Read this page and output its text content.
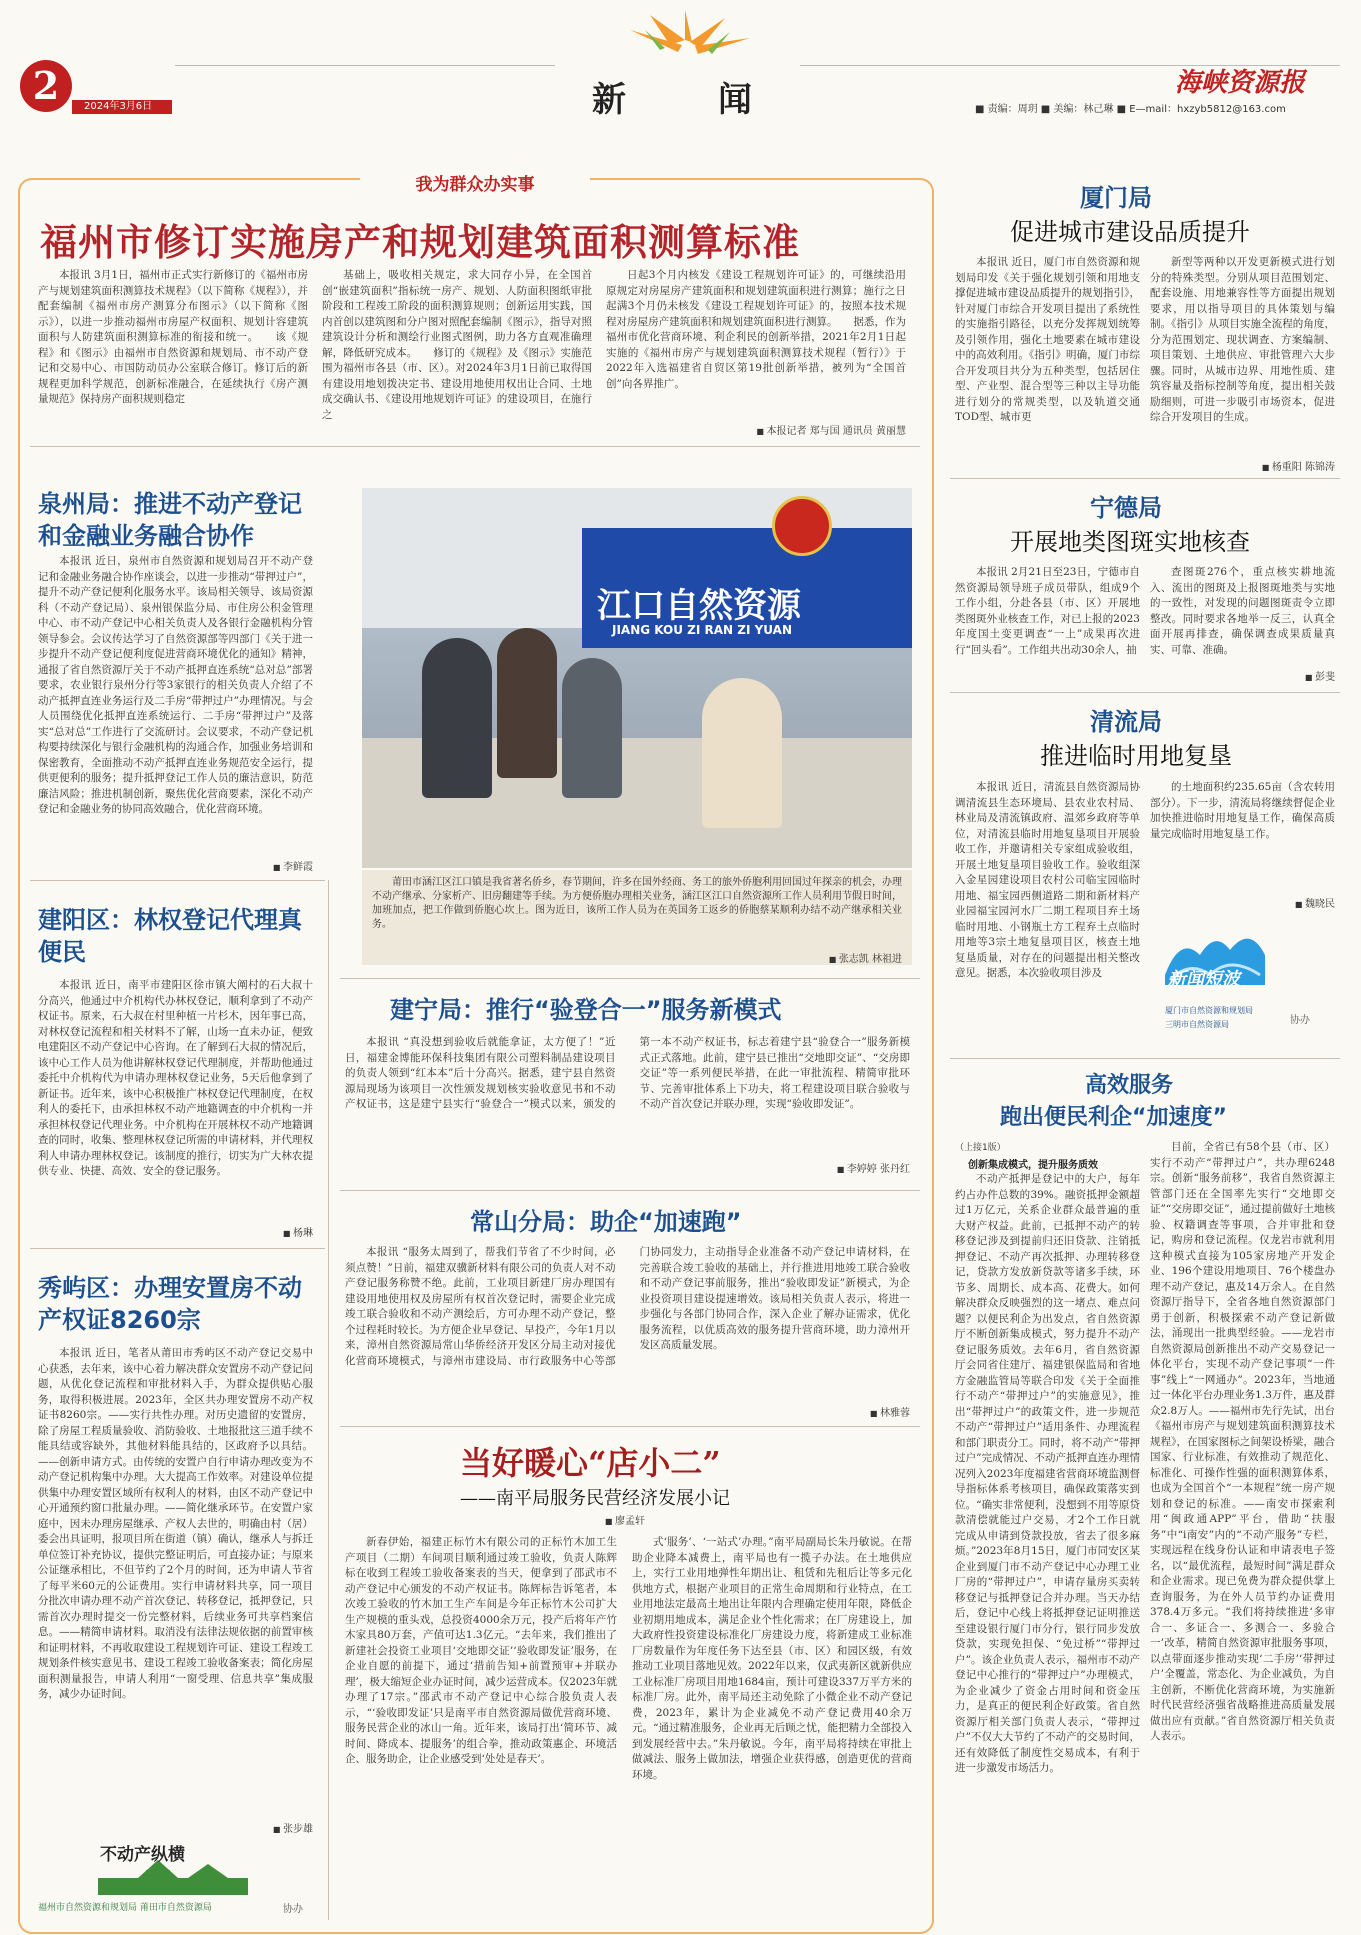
2	2024年3月6日	新	闻	海峡资源报
■ 责编：周玥 ■ 美编：林己琳 ■ E—mail：hxzyb5812@163.com
我为群众办实事
福州市修订实施房产和规划建筑面积测算标准

本报讯 3月1日，福州市正式实行新修订的《福州市房产与规划建筑面积测算技术规程》（以下简称《规程》），并配套编制《福州市房产测算分布图示》（以下简称《图示》），以进一步推动福州市房屋产权面积、规划计容建筑面积与人防建筑面积测算标准的衔接和统一。　　该《规程》和《图示》由福州市自然资源和规划局、市不动产登记和交易中心、市国防动员办公室联合修订。修订后的新规程更加科学规范，创新标准融合，在延续执行《房产测量规范》保持房产面积规则稳定

基础上，吸收相关规定，求大同存小异，在全国首创“嵌建筑面积”指标统一房产、规划、人防面积图纸审批阶段和工程竣工阶段的面积测算规则；创新运用实践，国内首创以建筑图和分户图对照配套编制《图示》，指导对照建筑设计分析和测绘行业图式图例，助力各方直观准确理解，降低研究成本。　　修订的《规程》及《图示》实施范围为福州市各县（市、区）。对2024年3月1日前已取得国有建设用地划拨决定书、建设用地使用权出让合同、土地成交确认书、《建设用地规划许可证》的建设项目，在施行之

日起3个月内核发《建设工程规划许可证》的，可继续沿用原规定对房屋房产建筑面积和规划建筑面积进行测算；施行之日起满3个月仍未核发《建设工程规划许可证》的，按照本技术规程对房屋房产建筑面积和规划建筑面积进行测算。　　据悉，作为福州市优化营商环境、利企利民的创新举措，2021年2月1日起实施的《福州市房产与规划建筑面积测算技术规程（暂行）》于2022年入选福建省自贸区第19批创新举措，被列为“全国首创”向各界推广。

■ 本报记者 郑与国 通讯员 黄丽慧
泉州局：推进不动产登记和金融业务融合协作

本报讯 近日，泉州市自然资源和规划局召开不动产登记和金融业务融合协作座谈会，以进一步推动“带押过户”，提升不动产登记便利化服务水平。该局相关领导、该局资源科（不动产登记局）、泉州银保监分局、市住房公积金管理中心、市不动产登记中心相关负责人及各银行金融机构分管领导参会。会议传达学习了自然资源部等四部门《关于进一步提升不动产登记便利度促进营商环境优化的通知》精神，通报了省自然资源厅关于不动产抵押直连系统“总对总”部署要求，农业银行泉州分行等3家银行的相关负责人介绍了不动产抵押直连业务运行及二手房“带押过户”办理情况。与会人员围绕优化抵押直连系统运行、二手房“带押过户”及落实“总对总”工作进行了交流研讨。会议要求，不动产登记机构要持续深化与银行金融机构的沟通合作，加强业务培训和保密教育，全面推动不动产抵押直连业务规范安全运行，提供更便利的服务；提升抵押登记工作人员的廉洁意识，防范廉洁风险；推进机制创新，聚焦优化营商要素，深化不动产登记和金融业务的协同高效融合，优化营商环境。

■ 李鲜霞
江口自然资源
JIANG KOU ZI RAN ZI YUAN

莆田市涵江区江口镇是我省著名侨乡，春节期间，许多在国外经商、务工的旅外侨胞利用回国过年探亲的机会，办理不动产继承、分家析产、旧房翻建等手续。为方便侨胞办理相关业务，涵江区江口自然资源所工作人员利用节假日时间，加班加点，把工作做到侨胞心坎上。图为近日，该所工作人员为在英国务工返乡的侨胞蔡某顺利办结不动产继承相关业务。

■ 张志凯 林祖进
建阳区：林权登记代理真便民

本报讯 近日，南平市建阳区徐市镇大阐村的石大叔十分高兴，他通过中介机构代办林权登记，顺利拿到了不动产权证书。原来，石大叔在村里种植一片杉木，因年事已高，对林权登记流程和相关材料不了解，山场一直未办证，便致电建阳区不动产登记中心咨询。在了解到石大叔的情况后，该中心工作人员为他讲解林权登记代理制度，并帮助他通过委托中介机构代为申请办理林权登记业务，5天后他拿到了新证书。近年来，该中心积极推广林权登记代理制度，在权利人的委托下，由承担林权不动产地籍调查的中介机构一并承担林权登记代理业务。中介机构在开展林权不动产地籍调查的同时，收集、整理林权登记所需的申请材料，并代理权利人申请办理林权登记。该制度的推行，切实为广大林农提供专业、快捷、高效、安全的登记服务。

■ 杨琳
秀屿区：办理安置房不动产权证8260宗

本报讯 近日，笔者从莆田市秀屿区不动产登记交易中心获悉，去年来，该中心着力解决群众安置房不动产登记问题，从优化登记流程和审批材料入手，为群众提供贴心服务，取得积极进展。2023年，全区共办理安置房不动产权证书8260宗。——实行共性办理。对历史遗留的安置房，除了房屋工程质量验收、消防验收、土地报批这三道手续不能具结或容缺外，其他材料能具结的，区政府予以具结。——创新申请方式。由传统的安置户自行申请办理改变为不动产登记机构集中办理。大大提高工作效率。对建设单位提供集中办理安置区域所有权利人的材料，由区不动产登记中心开通预约窗口批量办理。——简化继承环节。在安置户家庭中，因未办理房屋继承、产权人去世的，明确由村（居）委会出具证明，报项目所在街道（镇）确认，继承人与拆迁单位签订补充协议，提供完整证明后，可直接办证；与原来公证继承相比，不但节约了2个月的时间，还为申请人节省了每平米60元的公证费用。实行申请材料共享，同一项目分批次申请办理不动产首次登记、转移登记，抵押登记，只需首次办理时提交一份完整材料，后续业务可共享档案信息。——精简申请材料。取消没有法律法规依据的前置审核和证明材料，不再收取建设工程规划许可证、建设工程竣工规划条件核实意见书、建设工程竣工验收备案表；简化房屋面积测量报告，申请人利用“一窗受理、信息共享”集成服务，减少办证时间。

■ 张步雄
不动产纵横
福州市自然资源和规划局 莆田市自然资源局	协办
建宁局：推行“验登合一”服务新模式

本报讯 “真没想到验收后就能拿证，太方便了！”近日，福建金博能环保科技集团有限公司塑料制品建设项目的负责人领到“红本本”后十分高兴。据悉，建宁县自然资源局现场为该项目一次性颁发规划核实验收意见书和不动产权证书，这是建宁县实行“验登合一”模式以来，颁发的第一本不动产权证书，标志着建宁县“验登合一”服务新模式正式落地。此前，建宁县已推出“交地即交证”、“交房即交证”等一系列便民举措，在此一审批流程、精简审批环节、完善审批体系上下功夫，将工程建设项目联合验收与不动产首次登记并联办理，实现“验收即发证”。

■ 李婷婷 张丹红
常山分局：助企“加速跑”

本报讯 “服务太周到了，帮我们节省了不少时间，必须点赞！”日前，福建双骥新材料有限公司的负责人对不动产登记服务称赞不绝。此前，工业项目新建厂房办理国有建设用地使用权及房屋所有权首次登记时，需要企业完成竣工联合验收和不动产测绘后，方可办理不动产登记，整个过程耗时较长。为方便企业早登记、早投产，今年1月以来，漳州自然资源局常山华侨经济开发区分局主动对接优化营商环境模式，与漳州市建设局、市行政服务中心等部门协同发力，主动指导企业准备不动产登记申请材料，在完善联合竣工验收的基础上，并行推进用地竣工联合验收和不动产登记事前服务，推出“验收即发证”新模式，为企业投资项目建设提速增效。该局相关负责人表示，将进一步强化与各部门协同合作，深入企业了解办证需求，优化服务流程，以优质高效的服务提升营商环境，助力漳州开发区高质量发展。

■ 林雅蓉
当好暖心“店小二”
——南平局服务民营经济发展小记
■ 廖孟轩

新春伊始，福建正标竹木有限公司的正标竹木加工生产项目（二期）车间项目顺利通过竣工验收，负责人陈辉标在收到工程竣工验收备案表的当天，便拿到了邵武市不动产登记中心颁发的不动产权证书。陈辉标告诉笔者，本次竣工验收的竹木加工生产车间是今年正标竹木公司扩大生产规模的重头戏，总投资4000余万元，投产后将年产竹木家具80万套，产值可达1.3亿元。“去年来，我们推出了新建社会投资工业项目‘交地即交证’‘验收即发证’服务，在企业自愿的前提下，通过‘措前告知+前置预审+并联办理’，极大缩短企业办证时间，减少运营成本。仅2023年就办理了17宗。”邵武市不动产登记中心综合股负责人表示，“‘验收即发证’只是南平市自然资源局做优营商环境、服务民营企业的冰山一角。近年来，该局打出‘简环节、减时间、降成本、提服务’的组合拳，推动政策惠企、环境活企、服务助企，让企业感受到‘处处是春天’。

式‘服务’、‘一站式’办理。”南平局副局长朱丹敏说。在帮助企业降本减费上，南平局也有一揽子办法。在土地供应上，实行工业用地弹性年期出让、租赁和先租后让等多元化供地方式，根据产业项目的正常生命周期和行业特点，在工业用地法定最高土地出让年限内合理确定使用年限，降低企业初期用地成本，满足企业个性化需求；在厂房建设上，加大政府性投资建设标准化厂房建设力度，将新建成工业标准厂房数量作为年度任务下达至县（市、区）和园区级，有效推动工业项目落地见效。2022年以来，仅武夷新区就新供应工业标准厂房项目用地1684亩，预计可建设337万平方米的标准厂房。此外，南平局还主动免除了小微企业不动产登记费，2023年，累计为企业减免不动产登记费用40余万元。“通过精准服务，企业再无后顾之忧，能把精力全部投入到发展经营中去。”朱丹敏说。今年，南平局将持续在审批上做减法、服务上做加法，增强企业获得感，创造更优的营商环境。

厦门局
促进城市建设品质提升

本报讯 近日，厦门市自然资源和规划局印发《关于强化规划引领和用地支撑促进城市建设品质提升的规划指引》，针对厦门市综合开发项目提出了系统性的实施指引路径，以充分发挥规划统筹及引领作用，强化土地要素在城市建设中的高效利用。《指引》明确，厦门市综合开发项目共分为五种类型，包括居住型、产业型、混合型等三种以主导功能进行划分的常规类型，以及轨道交通TOD型、城市更

新型等两种以开发更新模式进行划分的特殊类型。分别从项目范围划定、配套设施、用地兼容性等方面提出规划要求，用以指导项目的具体策划与编制。《指引》从项目实施全流程的角度，分为范围划定、现状调查、方案编制、项目策划、土地供应、审批管理六大步骤。同时，从城市边界、用地性质、建筑容量及指标控制等角度，提出相关鼓励细则，可进一步吸引市场资本，促进综合开发项目的生成。

■ 杨重阳 陈锦涛
宁德局
开展地类图斑实地核查

本报讯 2月21日至23日，宁德市自然资源局领导班子成员带队，组成9个工作小组，分赴各县（市、区）开展地类图斑外业核查工作，对已上报的2023年度国土变更调查“一上”成果再次进行“回头看”。工作组共出动30余人，抽

查图斑276个，重点核实耕地流入、流出的图斑及上报图斑地类与实地的一致性，对发现的问题图斑责令立即整改。同时要求各地举一反三，认真全面开展再排查，确保调查成果质量真实、可靠、准确。

■ 彭斐
清流局
推进临时用地复垦

本报讯 近日，清流县自然资源局协调清流县生态环境局、县农业农村局、林业局及清流镇政府、温郊乡政府等单位，对清流县临时用地复垦项目开展验收工作，并邀请相关专家组成验收组，开展土地复垦项目验收工作。验收组深入金星园建设项目农村公司临宝园临时用地、福宝园西侧道路二期和新材料产业园福宝园河水厂二期工程项目弃土场临时用地、小钢瓶土方工程弃土点临时用地等3宗土地复垦项目区，核查土地复垦质量，对存在的问题提出相关整改意见。据悉，本次验收项目涉及

的土地面积约235.65亩（含农转用部分）。下一步，清流局将继续督促企业加快推进临时用地复垦工作，确保高质量完成临时用地复垦工作。

■ 魏晓民
新闻短波
厦门市自然资源和规划局
三明市自然资源局	协办
高效服务
跑出便民利企“加速度”
（上接1版）
创新集成模式，提升服务质效

不动产抵押是登记中的大户，每年约占办件总数的39%。融资抵押金额超过1万亿元，关系企业群众最普遍的重大财产权益。此前，已抵押不动产的转移登记涉及到提前归还旧贷款、注销抵押登记、不动产再次抵押、办理转移登记，贷款方发放新贷款等诸多手续，环节多、周期长、成本高、花费大。如何解决群众反映强烈的这一堵点、难点问题？以便民利企为出发点，省自然资源厅不断创新集成模式，努力提升不动产登记服务质效。去年6月，省自然资源厅会同省住建厅、福建银保监局和省地方金融监管局等联合印发《关于全面推行不动产“带押过户”的实施意见》，推出“带押过户”的政策文件，进一步规范不动产“带押过户”适用条件、办理流程和部门职责分工。同时，将不动产“带押过户”完成情况、不动产抵押直连办理情况列入2023年度福建省营商环境监测督导指标体系考核项目，确保政策落实到位。“确实非常便利，没想到不用等原贷款清偿就能过户交易，才2个工作日就完成从申请到贷款投放，省去了很多麻烦。”2023年8月15日，厦门市同安区某企业到厦门市不动产登记中心办理工业厂房的“带押过户”，申请存量房买卖转移登记与抵押登记合并办理。当天办结后，登记中心线上将抵押登记证明推送至建设银行厦门市分行，银行同步发放贷款，实现免担保、“免过桥”“带押过户”。该企业负责人表示，福州市不动产登记中心推行的“带押过户”办理模式，为企业减少了资金占用时间和资金压力，是真正的便民利企好政策。省自然资源厅相关部门负责人表示，“带押过户”不仅大大节约了不动产的交易时间，还有效降低了制度性交易成本，有利于进一步激发市场活力。

目前，全省已有58个县（市、区）实行不动产“带押过户”，共办理6248宗。创新“服务前移”，我省自然资源主管部门还在全国率先实行“交地即交证”“交房即交证”，通过提前做好土地核验、权籍调查等事项，合并审批和登记，购房和登记流程。仅龙岩市就利用这种模式直接为105家房地产开发企业、196个建设用地项目、76个楼盘办理不动产登记，惠及14万余人。在自然资源厅指导下，全省各地自然资源部门勇于创新，积极探索不动产登记新做法，涌现出一批典型经验。——龙岩市自然资源局创新推出不动产交易登记一体化平台，实现不动产登记事项“一件事”线上“一网通办”。2023年，当地通过一体化平台办理业务1.3万件，惠及群众2.8万人。——福州市先行先试，出台《福州市房产与规划建筑面积测算技术规程》，在国家图标之间架设桥梁，融合国家、行业标准，有效推动了规范化、标准化、可操作性强的面积测算体系，也成为全国首个“一本规程”统一房产规划和登记的标准。——南安市探索利用“闽政通APP”平台，借助“扶服务”中“i南安”内的“不动产服务”专栏，实现远程在线身份认证和申请表电子签名，以“最优流程，最短时间”满足群众和企业需求。现已免费为群众提供掌上查询服务，为在外人员节约办证费用378.4万多元。“我们将持续推进‘多审合一、多证合一、多测合一、多验合一’改革，精简自然资源审批服务事项，以点带面逐步推动实现‘二手房’‘带押过户’全覆盖，常态化、为企业减负，为自主创新，不断优化营商环境，为实施新时代民营经济强省战略推进高质量发展做出应有贡献。”省自然资源厅相关负责人表示。
